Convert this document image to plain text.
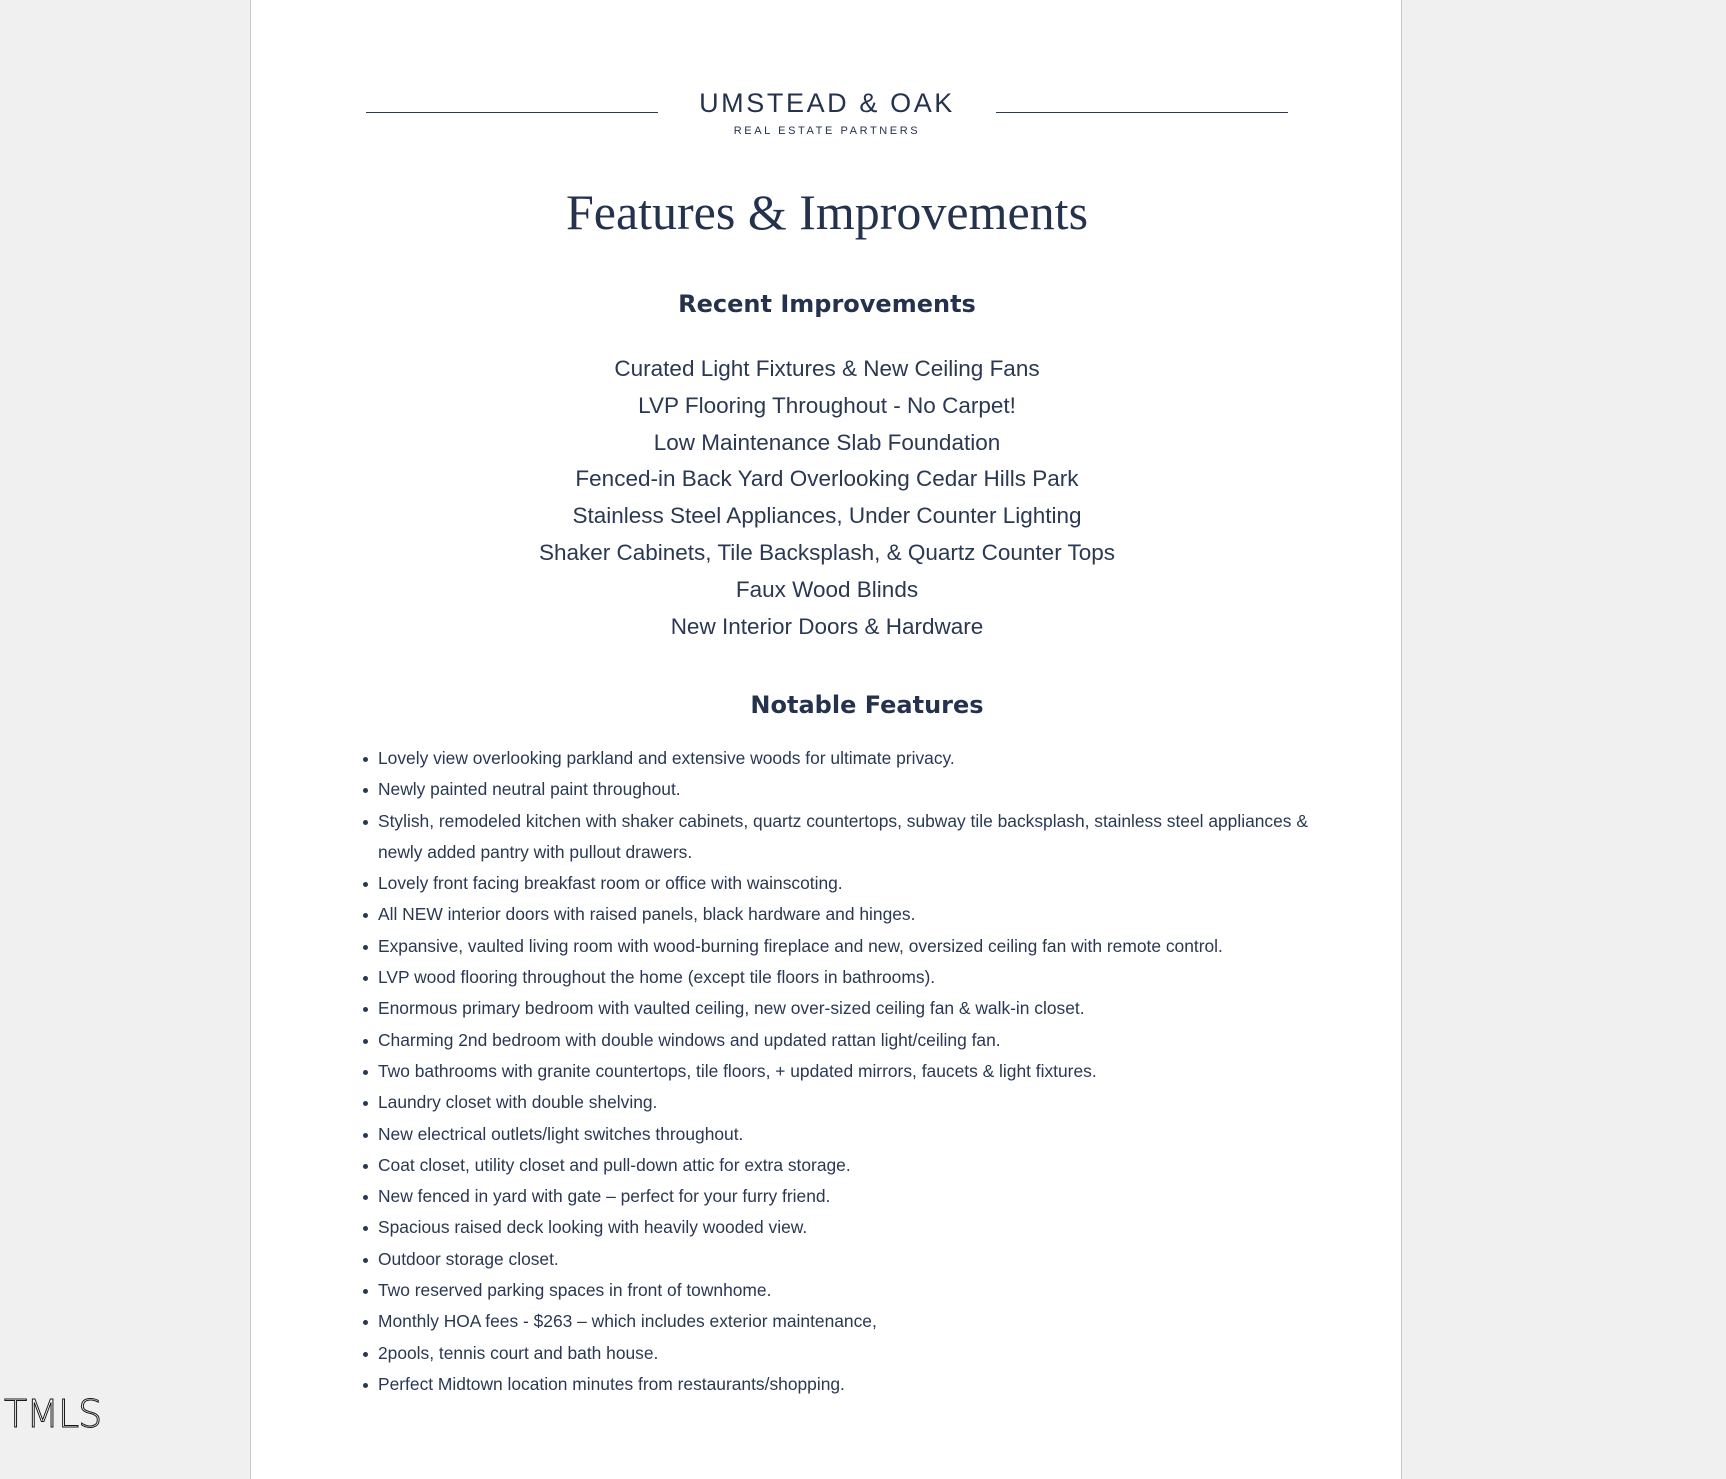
UMSTEAD & OAK
REAL ESTATE PARTNERS
Features & Improvements
Recent Improvements
Curated Light Fixtures & New Ceiling Fans
LVP Flooring Throughout - No Carpet!
Low Maintenance Slab Foundation
Fenced-in Back Yard Overlooking Cedar Hills Park
Stainless Steel Appliances, Under Counter Lighting
Shaker Cabinets, Tile Backsplash, & Quartz Counter Tops
Faux Wood Blinds
New Interior Doors & Hardware
Notable Features
Lovely view overlooking parkland and extensive woods for ultimate privacy.
Newly painted neutral paint throughout.
Stylish, remodeled kitchen with shaker cabinets, quartz countertops, subway tile backsplash, stainless steel appliances & newly added pantry with pullout drawers.
Lovely front facing breakfast room or office with wainscoting.
All NEW interior doors with raised panels, black hardware and hinges.
Expansive, vaulted living room with wood-burning fireplace and new, oversized ceiling fan with remote control.
LVP wood flooring throughout the home (except tile floors in bathrooms).
Enormous primary bedroom with vaulted ceiling, new over-sized ceiling fan & walk-in closet.
Charming 2nd bedroom with double windows and updated rattan light/ceiling fan.
Two bathrooms with granite countertops, tile floors, + updated mirrors, faucets & light fixtures.
Laundry closet with double shelving.
New electrical outlets/light switches throughout.
Coat closet, utility closet and pull-down attic for extra storage.
New fenced in yard with gate – perfect for your furry friend.
Spacious raised deck looking with heavily wooded view.
Outdoor storage closet.
Two reserved parking spaces in front of townhome.
Monthly HOA fees - $263 – which includes exterior maintenance,
2pools, tennis court and bath house.
Perfect Midtown location minutes from restaurants/shopping.
TMLS
